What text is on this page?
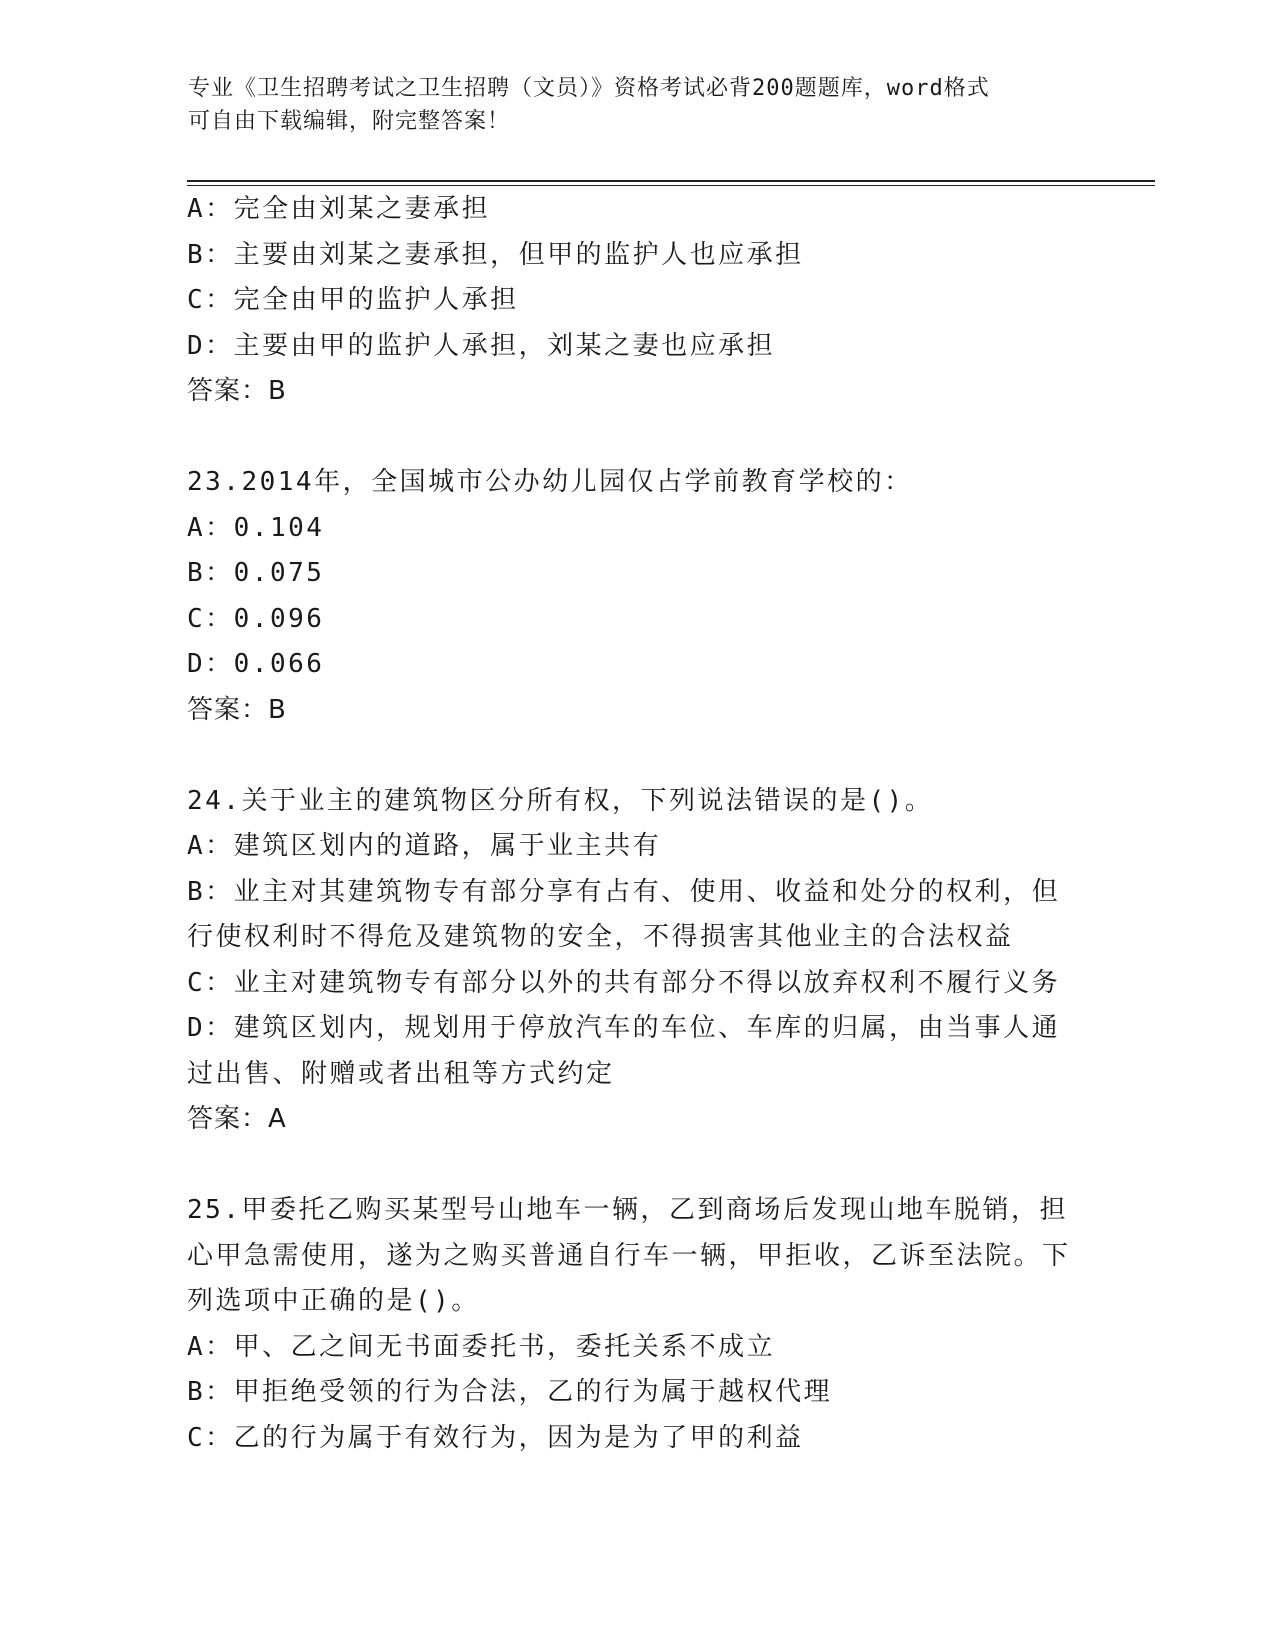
专业《卫生招聘考试之卫生招聘（文员）》资格考试必背200题题库，word格式
可自由下载编辑，附完整答案！
A：完全由刘某之妻承担
B：主要由刘某之妻承担，但甲的监护人也应承担
C：完全由甲的监护人承担
D：主要由甲的监护人承担，刘某之妻也应承担
答案：B
23.2014年，全国城市公办幼儿园仅占学前教育学校的：
A：0.104
B：0.075
C：0.096
D：0.066
答案：B
24.关于业主的建筑物区分所有权，下列说法错误的是()。
A：建筑区划内的道路，属于业主共有
B：业主对其建筑物专有部分享有占有、使用、收益和处分的权利，但行使权利时不得危及建筑物的安全，不得损害其他业主的合法权益
C：业主对建筑物专有部分以外的共有部分不得以放弃权利不履行义务
D：建筑区划内，规划用于停放汽车的车位、车库的归属，由当事人通过出售、附赠或者出租等方式约定
答案：A
25.甲委托乙购买某型号山地车一辆，乙到商场后发现山地车脱销，担心甲急需使用，遂为之购买普通自行车一辆，甲拒收，乙诉至法院。下列选项中正确的是()。
A：甲、乙之间无书面委托书，委托关系不成立
B：甲拒绝受领的行为合法，乙的行为属于越权代理
C：乙的行为属于有效行为，因为是为了甲的利益
